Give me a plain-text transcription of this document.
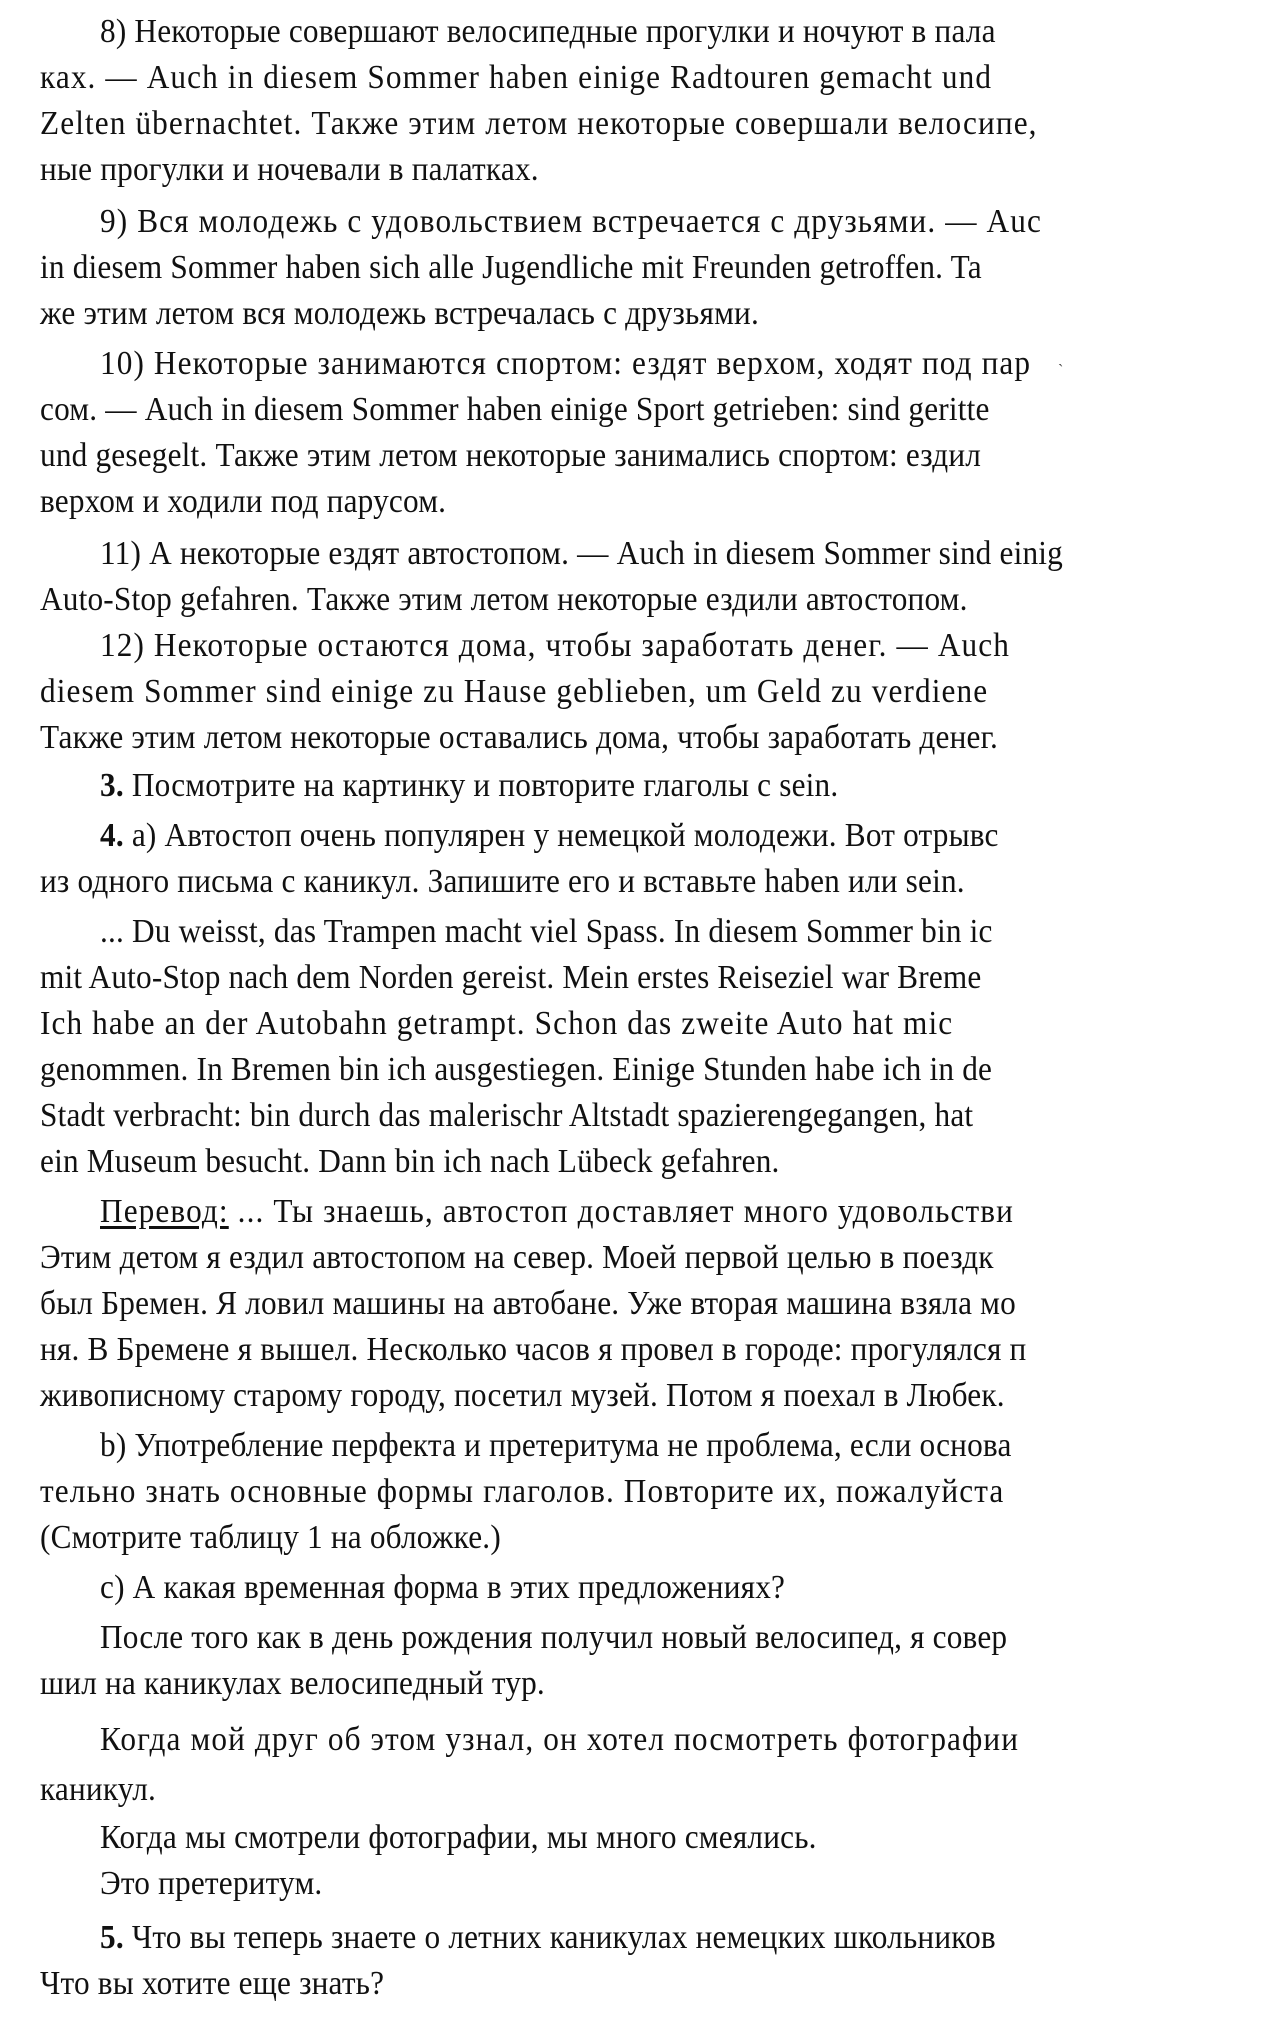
8) Некоторые совершают велосипедные прогулки и ночуют в пала
ках. — Auch in diesem Sommer haben einige Radtouren gemacht und
Zelten übernachtet. Также этим летом некоторые совершали велосипе,
ные прогулки и ночевали в палатках.
9) Вся молодежь с удовольствием встречается с друзьями. — Auc
in diesem Sommer haben sich alle Jugendliche mit Freunden getroffen. Ta
же этим летом вся молодежь встречалась с друзьями.
ˏ
10) Некоторые занимаются спортом: ездят верхом, ходят под пар
сом. — Auch in diesem Sommer haben einige Sport getrieben: sind geritte
und gesegelt. Также этим летом некоторые занимались спортом: ездил
верхом и ходили под парусом.
11) А некоторые ездят автостопом. — Auch in diesem Sommer sind einig
Auto-Stop gefahren. Также этим летом некоторые ездили автостопом.
12) Некоторые остаются дома, чтобы заработать денег. — Auch
diesem Sommer sind einige zu Hause geblieben, um Geld zu verdiene
Также этим летом некоторые оставались дома, чтобы заработать денег.
3. Посмотрите на картинку и повторите глаголы с sein.
4. а) Автостоп очень популярен у немецкой молодежи. Вот отрывс
из одного письма с каникул. Запишите его и вставьте haben или sein.
... Du weisst, das Trampen macht viel Spass. In diesem Sommer bin ic
mit Auto-Stop nach dem Norden gereist. Mein erstes Reiseziel war Breme
Ich habe an der Autobahn getrampt. Schon das zweite Auto hat mic
genommen. In Bremen bin ich ausgestiegen. Einige Stunden habe ich in de
Stadt verbracht: bin durch das malerischr Altstadt spazierengegangen, hat
ein Museum besucht. Dann bin ich nach Lübeck gefahren.
Перевод: ... Ты знаешь, автостоп доставляет много удовольстви
Этим детом я ездил автостопом на север. Моей первой целью в поездк
был Бремен. Я ловил машины на автобане. Уже вторая машина взяла мо
ня. В Бремене я вышел. Несколько часов я провел в городе: прогулялся п
живописному старому городу, посетил музей. Потом я поехал в Любек.
b) Употребление перфекта и претеритума не проблема, если основа
тельно знать основные формы глаголов. Повторите их, пожалуйста
(Смотрите таблицу 1 на обложке.)
c) А какая временная форма в этих предложениях?
После того как в день рождения получил новый велосипед, я совер
шил на каникулах велосипедный тур.
Когда мой друг об этом узнал, он хотел посмотреть фотографии
каникул.
Когда мы смотрели фотографии, мы много смеялись.
Это претеритум.
5. Что вы теперь знаете о летних каникулах немецких школьников
Что вы хотите еще знать?
